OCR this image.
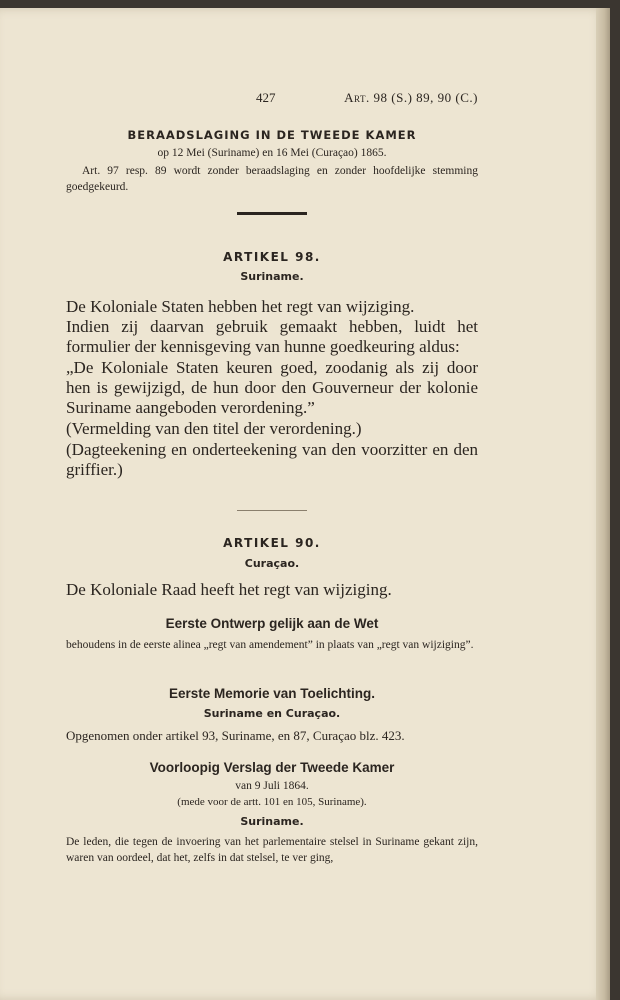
427	Art. 98 (S.) 89, 90 (C.)
BERAADSLAGING IN DE TWEEDE KAMER
op 12 Mei (Suriname) en 16 Mei (Curaçao) 1865.
Art. 97 resp. 89 wordt zonder beraadslaging en zonder hoofdelijke stemming goedgekeurd.
ARTIKEL 98.
Suriname.

De Koloniale Staten hebben het regt van wijziging.

Indien zij daarvan gebruik gemaakt hebben, luidt het formulier der kennisgeving van hunne goedkeuring aldus:

„De Koloniale Staten keuren goed, zoodanig als zij door hen is gewijzigd, de hun door den Gouverneur der kolonie Suriname aangeboden verordening.”

(Vermelding van den titel der verordening.)

(Dagteekening en onderteekening van den voorzitter en den griffier.)

ARTIKEL 90.
Curaçao.
De Koloniale Raad heeft het regt van wijziging.
Eerste Ontwerp gelijk aan de Wet
behoudens in de eerste alinea „regt van amendement” in plaats van „regt van wijziging”.
Eerste Memorie van Toelichting.
Suriname en Curaçao.
Opgenomen onder artikel 93, Suriname, en 87, Curaçao blz. 423.
Voorloopig Verslag der Tweede Kamer
van 9 Juli 1864.
(mede voor de artt. 101 en 105, Suriname).
Suriname.
De leden, die tegen de invoering van het parlementaire stelsel in Suriname gekant zijn, waren van oordeel, dat het, zelfs in dat stelsel, te ver ging,
